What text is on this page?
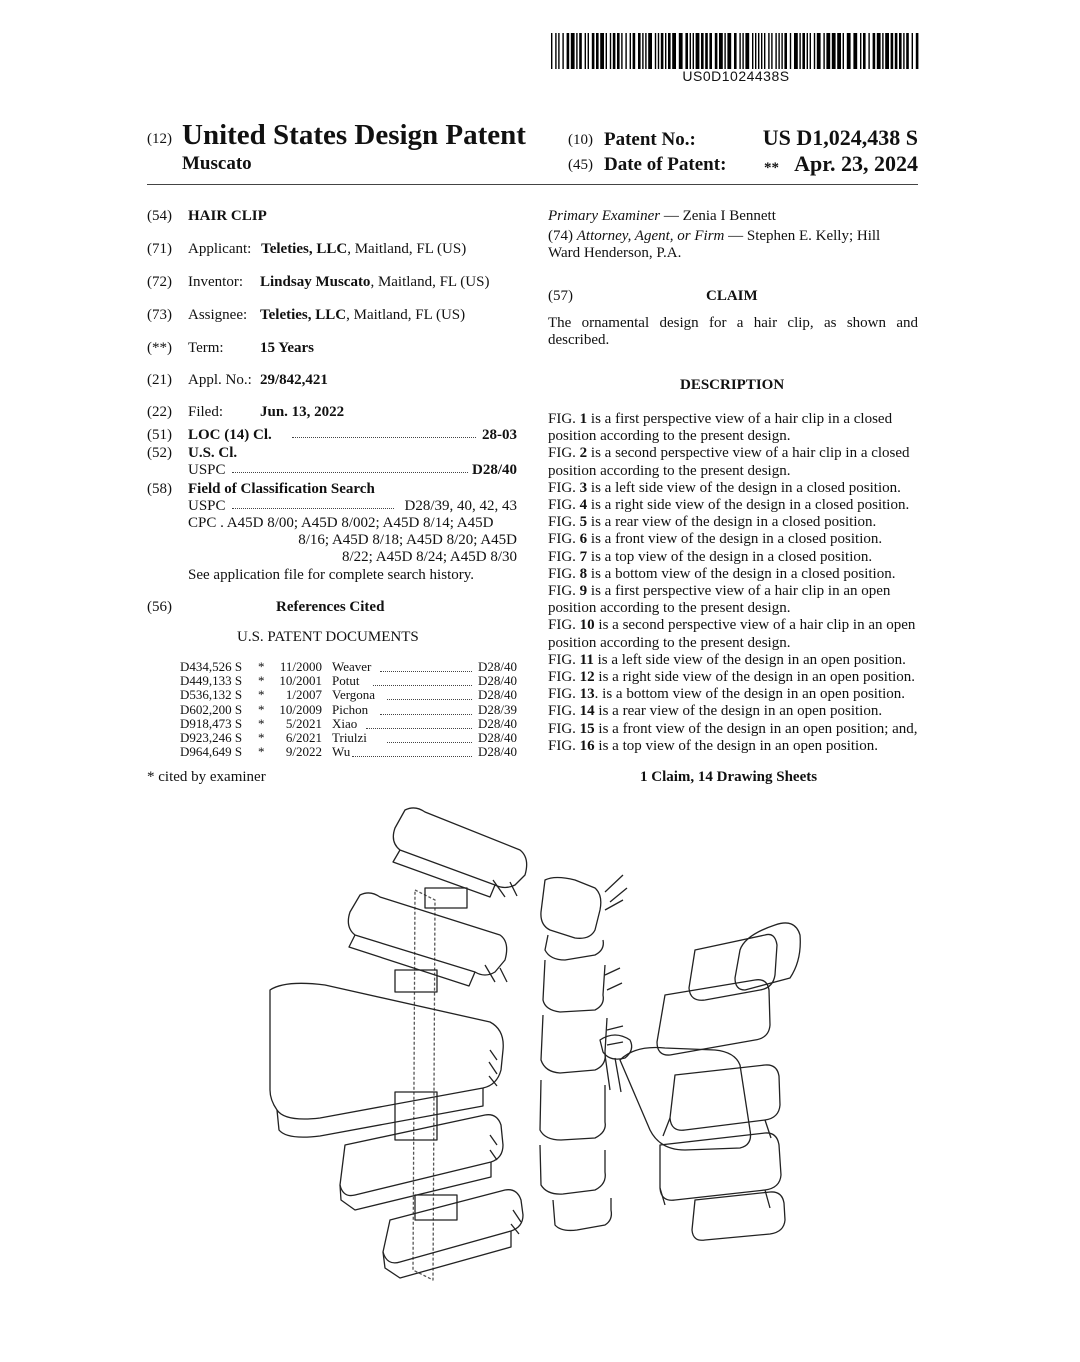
US0D1024438S
(12) United States Design Patent
Muscato
(10) Patent No.:	US D1,024,438 S
(45) Date of Patent:	** Apr. 23, 2024
(54) HAIR CLIP
(71) Applicant: Teleties, LLC, Maitland, FL (US)
(72) Inventor: Lindsay Muscato, Maitland, FL (US)
(73) Assignee: Teleties, LLC, Maitland, FL (US)
(**) Term: 15 Years
(21) Appl. No.: 29/842,421
(22) Filed: Jun. 13, 2022
(51) LOC (14) Cl.	28-03
(52) U.S. Cl.
USPC	D28/40
(58) Field of Classification Search
USPC	D28/39, 40, 42, 43
CPC . A45D 8/00; A45D 8/002; A45D 8/14; A45D
8/16; A45D 8/18; A45D 8/20; A45D
8/22; A45D 8/24; A45D 8/30
See application file for complete search history.
(56)	References Cited
U.S. PATENT DOCUMENTS
D434,526 S * 11/2000 Weaver	D28/40
D449,133 S * 10/2001 Potut	D28/40
D536,132 S * 1/2007 Vergona	D28/40
D602,200 S * 10/2009 Pichon	D28/39
D918,473 S * 5/2021 Xiao	D28/40
D923,246 S * 6/2021 Triulzi	D28/40
D964,649 S * 9/2022 Wu	D28/40
* cited by examiner
Primary Examiner — Zenia I Bennett
(74) Attorney, Agent, or Firm — Stephen E. Kelly; Hill
Ward Henderson, P.A.
(57)	CLAIM
The ornamental design for a hair clip, as shown and
described.
DESCRIPTION
FIG. 1 is a first perspective view of a hair clip in a closed
position according to the present design.
FIG. 2 is a second perspective view of a hair clip in a closed
position according to the present design.
FIG. 3 is a left side view of the design in a closed position.
FIG. 4 is a right side view of the design in a closed position.
FIG. 5 is a rear view of the design in a closed position.
FIG. 6 is a front view of the design in a closed position.
FIG. 7 is a top view of the design in a closed position.
FIG. 8 is a bottom view of the design in a closed position.
FIG. 9 is a first perspective view of a hair clip in an open
position according to the present design.
FIG. 10 is a second perspective view of a hair clip in an open
position according to the present design.
FIG. 11 is a left side view of the design in an open position.
FIG. 12 is a right side view of the design in an open position.
FIG. 13. is a bottom view of the design in an open position.
FIG. 14 is a rear view of the design in an open position.
FIG. 15 is a front view of the design in an open position; and,
FIG. 16 is a top view of the design in an open position.
1 Claim, 14 Drawing Sheets
